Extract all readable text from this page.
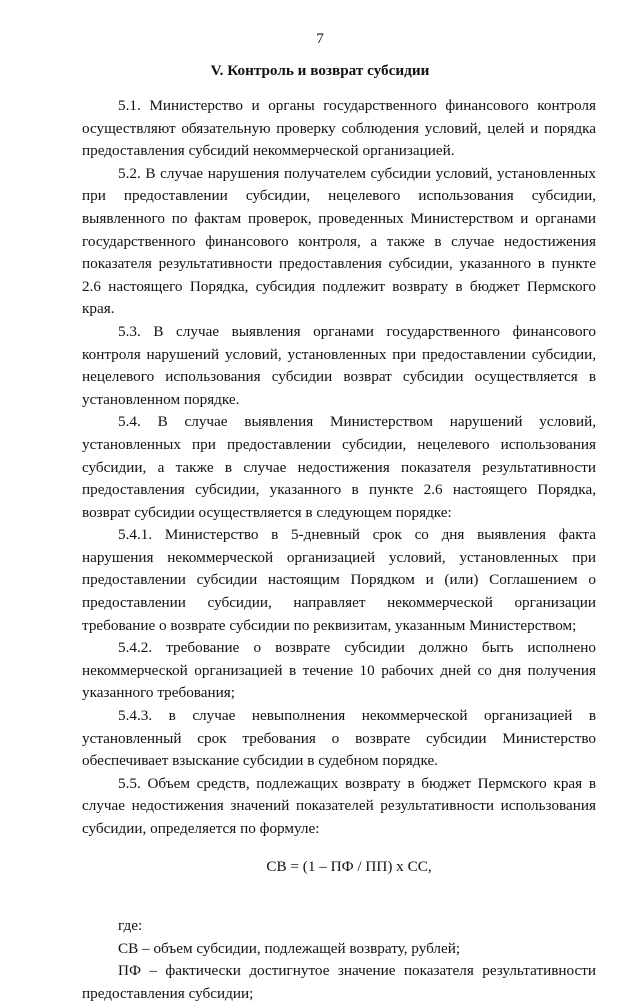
7
V. Контроль и возврат субсидии

5.1. Министерство и органы государственного финансового контроля осуществляют обязательную проверку соблюдения условий, целей и порядка предоставления субсидий некоммерческой организацией.

5.2. В случае нарушения получателем субсидии условий, установленных при предоставлении субсидии, нецелевого использования субсидии, выявленного по фактам проверок, проведенных Министерством и органами государственного финансового контроля, а также в случае недостижения показателя результативности предоставления субсидии, указанного в пункте 2.6 настоящего Порядка, субсидия подлежит возврату в бюджет Пермского края.

5.3. В случае выявления органами государственного финансового контроля нарушений условий, установленных при предоставлении субсидии, нецелевого использования субсидии возврат субсидии осуществляется в установленном порядке.

5.4. В случае выявления Министерством нарушений условий, установленных при предоставлении субсидии, нецелевого использования субсидии, а также в случае недостижения показателя результативности предоставления субсидии, указанного в пункте 2.6 настоящего Порядка, возврат субсидии осуществляется в следующем порядке:

5.4.1. Министерство в 5-дневный срок со дня выявления факта нарушения некоммерческой организацией условий, установленных при предоставлении субсидии настоящим Порядком и (или) Соглашением о предоставлении субсидии, направляет некоммерческой организации требование о возврате субсидии по реквизитам, указанным Министерством;

5.4.2. требование о возврате субсидии должно быть исполнено некоммерческой организацией в течение 10 рабочих дней со дня получения указанного требования;

5.4.3. в случае невыполнения некоммерческой организацией в установленный срок требования о возврате субсидии Министерство обеспечивает взыскание субсидии в судебном порядке.

5.5. Объем средств, подлежащих возврату в бюджет Пермского края в случае недостижения значений показателей результативности использования субсидии, определяется по формуле:

СВ = (1 – ПФ / ПП) х СС,

где:

СВ – объем субсидии, подлежащей возврату, рублей;

ПФ – фактически достигнутое значение показателя результативности предоставления субсидии;
